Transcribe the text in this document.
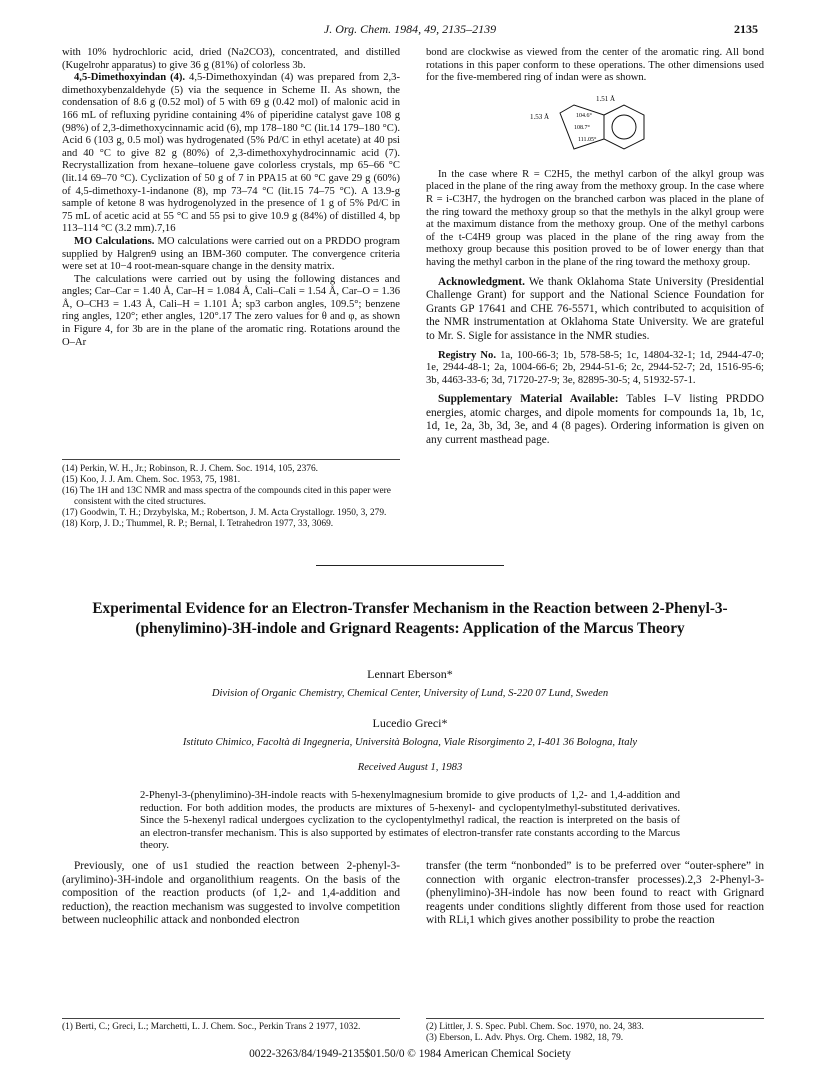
J. Org. Chem. 1984, 49, 2135–2139	2135

with 10% hydrochloric acid, dried (Na2CO3), concentrated, and distilled (Kugelrohr apparatus) to give 36 g (81%) of colorless 3b.

4,5-Dimethoxyindan (4). 4,5-Dimethoxyindan (4) was prepared from 2,3-dimethoxybenzaldehyde (5) via the sequence in Scheme II. As shown, the condensation of 8.6 g (0.52 mol) of 5 with 69 g (0.42 mol) of malonic acid in 166 mL of refluxing pyridine containing 4% of piperidine catalyst gave 108 g (98%) of 2,3-dimethoxycinnamic acid (6), mp 178–180 °C (lit.14 179–180 °C). Acid 6 (103 g, 0.5 mol) was hydrogenated (5% Pd/C in ethyl acetate) at 40 psi and 40 °C to give 82 g (80%) of 2,3-dimethoxyhydrocinnamic acid (7). Recrystallization from hexane–toluene gave colorless crystals, mp 65–66 °C (lit.14 69–70 °C). Cyclization of 50 g of 7 in PPA15 at 60 °C gave 29 g (60%) of 4,5-dimethoxy-1-indanone (8), mp 73–74 °C (lit.15 74–75 °C). A 13.9-g sample of ketone 8 was hydrogenolyzed in the presence of 1 g of 5% Pd/C in 75 mL of acetic acid at 55 °C and 55 psi to give 10.9 g (84%) of distilled 4, bp 113–114 °C (3.2 mm).7,16

MO Calculations. MO calculations were carried out on a PRDDO program supplied by Halgren9 using an IBM-360 computer. The convergence criteria were set at 10−4 root-mean-square change in the density matrix.

The calculations were carried out by using the following distances and angles; Car–Car = 1.40 Å, Car–H = 1.084 Å, Cali–Cali = 1.54 Å, Car–O = 1.36 Å, O–CH3 = 1.43 Å, Cali–H = 1.101 Å; sp3 carbon angles, 109.5°; benzene ring angles, 120°; ether angles, 120°.17 The zero values for θ and φ, as shown in Figure 4, for 3b are in the plane of the aromatic ring. Rotations around the O–Ar

(14) Perkin, W. H., Jr.; Robinson, R. J. Chem. Soc. 1914, 105, 2376.

(15) Koo, J. J. Am. Chem. Soc. 1953, 75, 1981.

(16) The 1H and 13C NMR and mass spectra of the compounds cited in this paper were consistent with the cited structures.

(17) Goodwin, T. H.; Drzybylska, M.; Robertson, J. M. Acta Crystallogr. 1950, 3, 279.

(18) Korp, J. D.; Thummel, R. P.; Bernal, I. Tetrahedron 1977, 33, 3069.

bond are clockwise as viewed from the center of the aromatic ring. All bond rotations in this paper conform to these operations. The other dimensions used for the five-membered ring of indan were as shown.

1.51 Å
1.53 Å	104.6°
108.7°
111.05°

In the case where R = C2H5, the methyl carbon of the alkyl group was placed in the plane of the ring away from the methoxy group. In the case where R = i-C3H7, the hydrogen on the branched carbon was placed in the plane of the ring toward the methoxy group so that the methyls in the alkyl group were at the maximum distance from the methoxy group. One of the methyl carbons of the t-C4H9 group was placed in the plane of the ring away from the methoxy group because this position proved to be of lower energy than that having the methyl carbon in the plane of the ring toward the methoxy group.

Acknowledgment. We thank Oklahoma State University (Presidential Challenge Grant) for support and the National Science Foundation for Grants GP 17641 and CHE 76-5571, which contributed to acquisition of the NMR instrumentation at Oklahoma State University. We are grateful to Mr. S. Sigle for assistance in the NMR studies.

Registry No. 1a, 100-66-3; 1b, 578-58-5; 1c, 14804-32-1; 1d, 2944-47-0; 1e, 2944-48-1; 2a, 1004-66-6; 2b, 2944-51-6; 2c, 2944-52-7; 2d, 1516-95-6; 3b, 4463-33-6; 3d, 71720-27-9; 3e, 82895-30-5; 4, 51932-57-1.

Supplementary Material Available: Tables I–V listing PRDDO energies, atomic charges, and dipole moments for compounds 1a, 1b, 1c, 1d, 1e, 2a, 3b, 3d, 3e, and 4 (8 pages). Ordering information is given on any current masthead page.

Experimental Evidence for an Electron-Transfer Mechanism in the Reaction between 2-Phenyl-3-(phenylimino)-3H-indole and Grignard Reagents: Application of the Marcus Theory
Lennart Eberson*
Division of Organic Chemistry, Chemical Center, University of Lund, S-220 07 Lund, Sweden
Lucedio Greci*
Istituto Chimico, Facoltà di Ingegneria, Università Bologna, Viale Risorgimento 2, I-401 36 Bologna, Italy
Received August 1, 1983
2-Phenyl-3-(phenylimino)-3H-indole reacts with 5-hexenylmagnesium bromide to give products of 1,2- and 1,4-addition and reduction. For both addition modes, the products are mixtures of 5-hexenyl- and cyclopentylmethyl-substituted derivatives. Since the 5-hexenyl radical undergoes cyclization to the cyclopentylmethyl radical, the reaction is interpreted on the basis of an electron-transfer mechanism. This is also supported by estimates of electron-transfer rate constants according to the Marcus theory.

Previously, one of us1 studied the reaction between 2-phenyl-3-(arylimino)-3H-indole and organolithium reagents. On the basis of the composition of the reaction products (of 1,2- and 1,4-addition and reduction), the reaction mechanism was suggested to involve competition between nucleophilic attack and nonbonded electron

transfer (the term “nonbonded” is to be preferred over “outer-sphere” in connection with organic electron-transfer processes).2,3 2-Phenyl-3-(phenylimino)-3H-indole has now been found to react with Grignard reagents under conditions slightly different from those used for reaction with RLi,1 which gives another possibility to probe the reaction

(1) Berti, C.; Greci, L.; Marchetti, L. J. Chem. Soc., Perkin Trans 2 1977, 1032.	(2) Littler, J. S. Spec. Publ. Chem. Soc. 1970, no. 24, 383.

(3) Eberson, L. Adv. Phys. Org. Chem. 1982, 18, 79.

0022-3263/84/1949-2135$01.50/0 © 1984 American Chemical Society
